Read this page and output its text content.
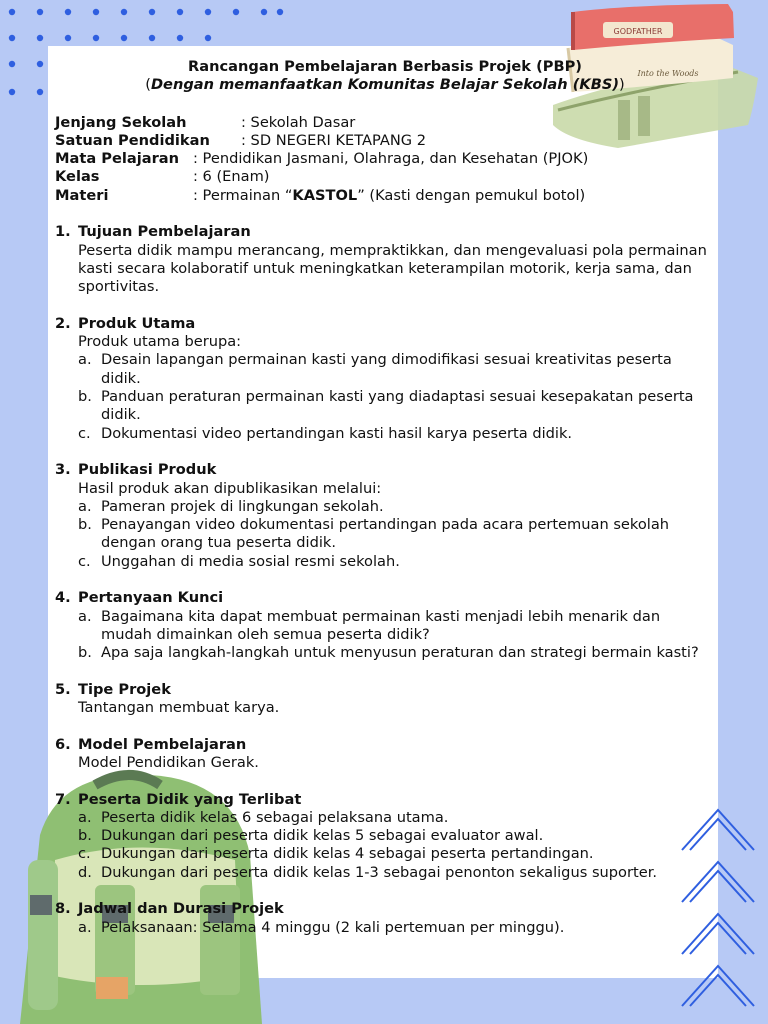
GODFATHER
Into the Woods
Rancangan Pembelajaran Berbasis Projek (PBP)
(Dengan memanfaatkan Komunitas Belajar Sekolah (KBS))
Jenjang Sekolah	: Sekolah Dasar
Satuan Pendidikan	: SD NEGERI KETAPANG 2
Mata Pelajaran : Pendidikan Jasmani, Olahraga, dan Kesehatan (PJOK)
Kelas	: 6 (Enam)
Materi	: Permainan “KASTOL” (Kasti dengan pemukul botol)
1. Tujuan Pembelajaran
Peserta didik mampu merancang, mempraktikkan, dan mengevaluasi pola permainan kasti secara kolaboratif untuk meningkatkan keterampilan motorik, kerja sama, dan sportivitas.
2. Produk Utama
Produk utama berupa:
a. Desain lapangan permainan kasti yang dimodifikasi sesuai kreativitas peserta didik.
b. Panduan peraturan permainan kasti yang diadaptasi sesuai kesepakatan peserta didik.
c. Dokumentasi video pertandingan kasti hasil karya peserta didik.
3. Publikasi Produk
Hasil produk akan dipublikasikan melalui:
a. Pameran projek di lingkungan sekolah.
b. Penayangan video dokumentasi pertandingan pada acara pertemuan sekolah dengan orang tua peserta didik.
c. Unggahan di media sosial resmi sekolah.
4. Pertanyaan Kunci
a. Bagaimana kita dapat membuat permainan kasti menjadi lebih menarik dan mudah dimainkan oleh semua peserta didik?
b. Apa saja langkah-langkah untuk menyusun peraturan dan strategi bermain kasti?
5. Tipe Projek
Tantangan membuat karya.
6. Model Pembelajaran
Model Pendidikan Gerak.
7. Peserta Didik yang Terlibat
a. Peserta didik kelas 6 sebagai pelaksana utama.
b. Dukungan dari peserta didik kelas 5 sebagai evaluator awal.
c. Dukungan dari peserta didik kelas 4 sebagai peserta pertandingan.
d. Dukungan dari peserta didik kelas 1-3 sebagai penonton sekaligus suporter.
8. Jadwal dan Durasi Projek
a. Pelaksanaan: Selama 4 minggu (2 kali pertemuan per minggu).
